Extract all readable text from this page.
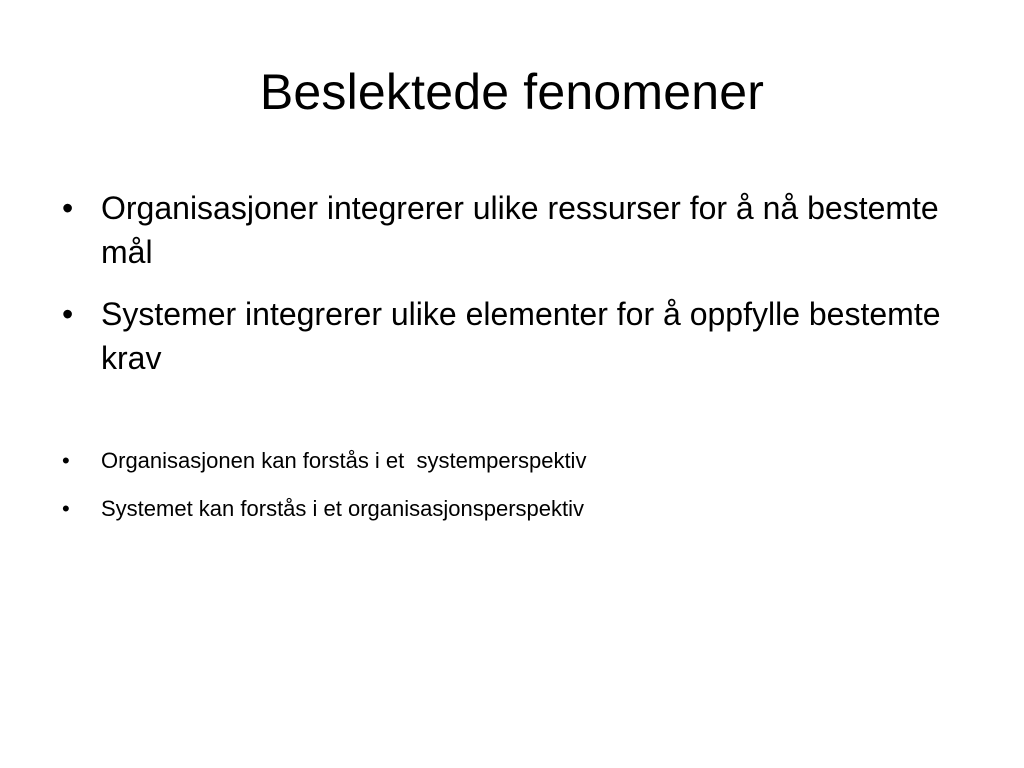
Beslektede fenomener
• Organisasjoner integrerer ulike ressurser for å nå bestemte mål
• Systemer integrerer ulike elementer for å oppfylle bestemte krav
• Organisasjonen kan forstås i et  systemperspektiv
• Systemet kan forstås i et organisasjonsperspektiv
